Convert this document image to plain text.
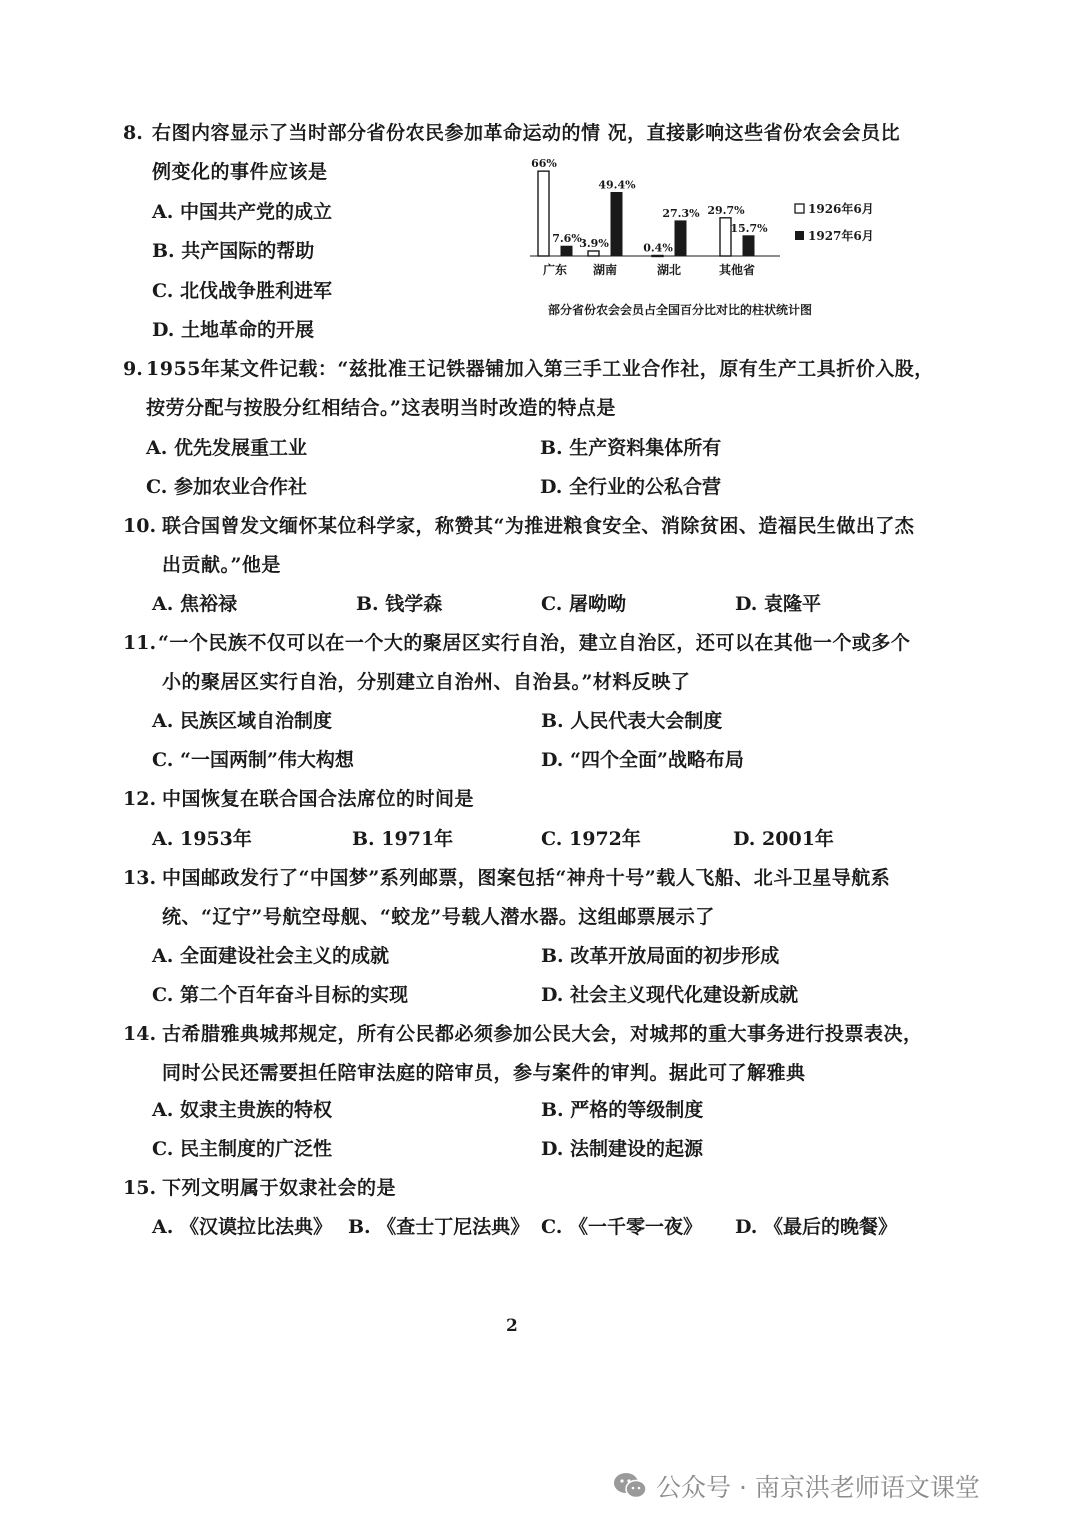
8. 右图内容显示了当时部分省份农民参加革命运动的情 况，直接影响这些省份农会会员比
例变化的事件应该是
A. 中国共产党的成立
B. 共产国际的帮助
C. 北伐战争胜利进军
D. 土地革命的开展
66%
7.6%
广东
3.9%
49.4%
湖南
0.4%
27.3%
湖北
29.7%
15.7%
其他省
1926年6月
1927年6月
部分省份农会会员占全国百分比对比的柱状统计图
9. 1955年某文件记载：“兹批准王记铁器铺加入第三手工业合作社，原有生产工具折价入股，
按劳分配与按股分红相结合。”这表明当时改造的特点是
A. 优先发展重工业	B. 生产资料集体所有
C. 参加农业合作社	D. 全行业的公私合营
10. 联合国曾发文缅怀某位科学家，称赞其“为推进粮食安全、消除贫困、造福民生做出了杰
出贡献。”他是
A. 焦裕禄	B. 钱学森	C. 屠呦呦	D. 袁隆平
11. “一个民族不仅可以在一个大的聚居区实行自治，建立自治区，还可以在其他一个或多个
小的聚居区实行自治，分别建立自治州、自治县。”材料反映了
A. 民族区域自治制度	B. 人民代表大会制度
C. “一国两制”伟大构想	D. “四个全面”战略布局
12. 中国恢复在联合国合法席位的时间是
A. 1953年	B. 1971年	C. 1972年	D. 2001年
13. 中国邮政发行了“中国梦”系列邮票，图案包括“神舟十号”载人飞船、北斗卫星导航系
统、“辽宁”号航空母舰、“蛟龙”号载人潜水器。这组邮票展示了
A. 全面建设社会主义的成就	B. 改革开放局面的初步形成
C. 第二个百年奋斗目标的实现	D. 社会主义现代化建设新成就
14. 古希腊雅典城邦规定，所有公民都必须参加公民大会，对城邦的重大事务进行投票表决，
同时公民还需要担任陪审法庭的陪审员，参与案件的审判。据此可了解雅典
A. 奴隶主贵族的特权	B. 严格的等级制度
C. 民主制度的广泛性	D. 法制建设的起源
15. 下列文明属于奴隶社会的是
A. 《汉谟拉比法典》 B. 《查士丁尼法典》 C. 《一千零一夜》 D. 《最后的晚餐》
2
公众号 · 南京洪老师语文课堂
